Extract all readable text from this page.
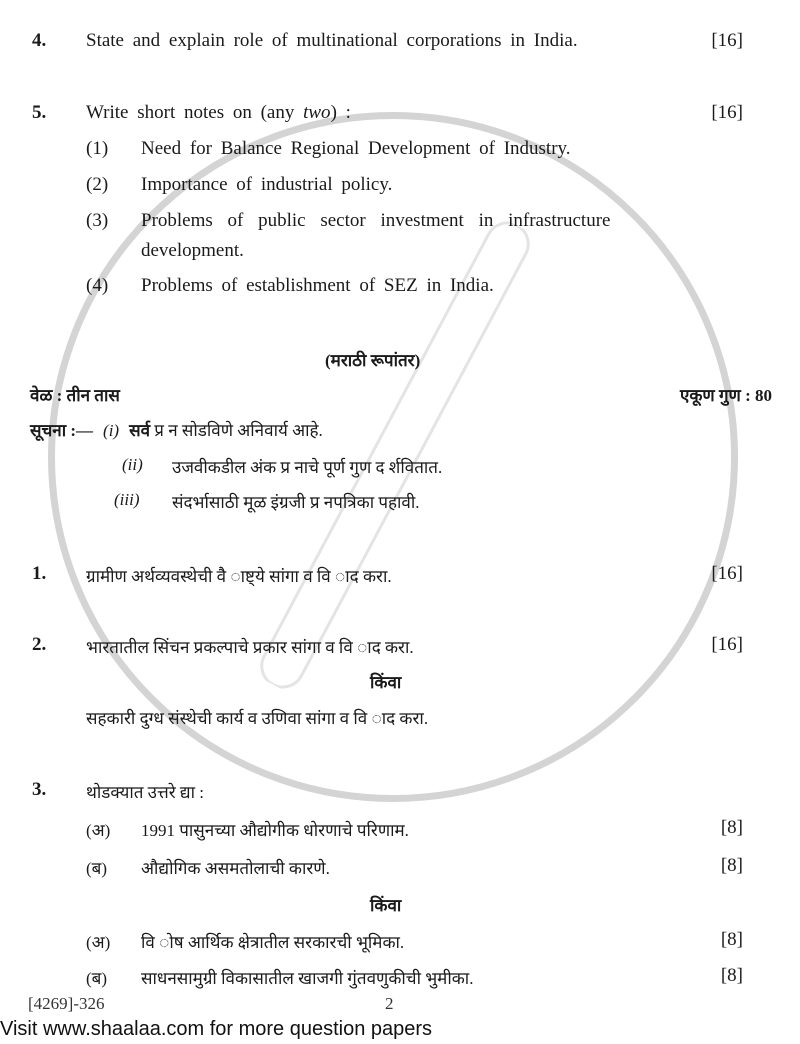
4. State and explain role of multinational corporations in India.	[16]
5. Write short notes on (any two) :	[16]
(1) Need for Balance Regional Development of Industry.
(2) Importance of industrial policy.
(3) Problems of public sector investment in infrastructure
development.
(4) Problems of establishment of SEZ in India.
(मराठी रूपांतर)
वेळ : तीन तास	एकूण गुण : 80
सूचना :— (i) सर्व प्र न सोडविणे अनिवार्य आहे.
(ii) उजवीकडील अंक प्र नाचे पूर्ण गुण द र्शवितात.
(iii) संदर्भासाठी मूळ इंग्रजी प्र नपत्रिका पहावी.
1. ग्रामीण अर्थव्यवस्थेची वैै ाष्ट्ये सांगा व वि ाद करा.	[16]
2. भारतातील सिंचन प्रकल्पाचे प्रकार सांगा व वि ाद करा.	[16]
किंवा
सहकारी दुग्ध संस्थेची कार्य व उणिवा सांगा व वि ाद करा.
3. थोडक्यात उत्तरे द्या :
(अ) 1991 पासुनच्या औद्योगीक धोरणाचे परिणाम.	[8]
(ब) औद्योगिक असमतोलाची कारणे.	[8]
किंवा
(अ) वि ोष आर्थिक क्षेत्रातील सरकारची भूमिका.	[8]
(ब) साधनसामुग्री विकासातील खाजगी गुंतवणुकीची भुमीका.	[8]
[4269]-326	2
Visit www.shaalaa.com for more question papers
